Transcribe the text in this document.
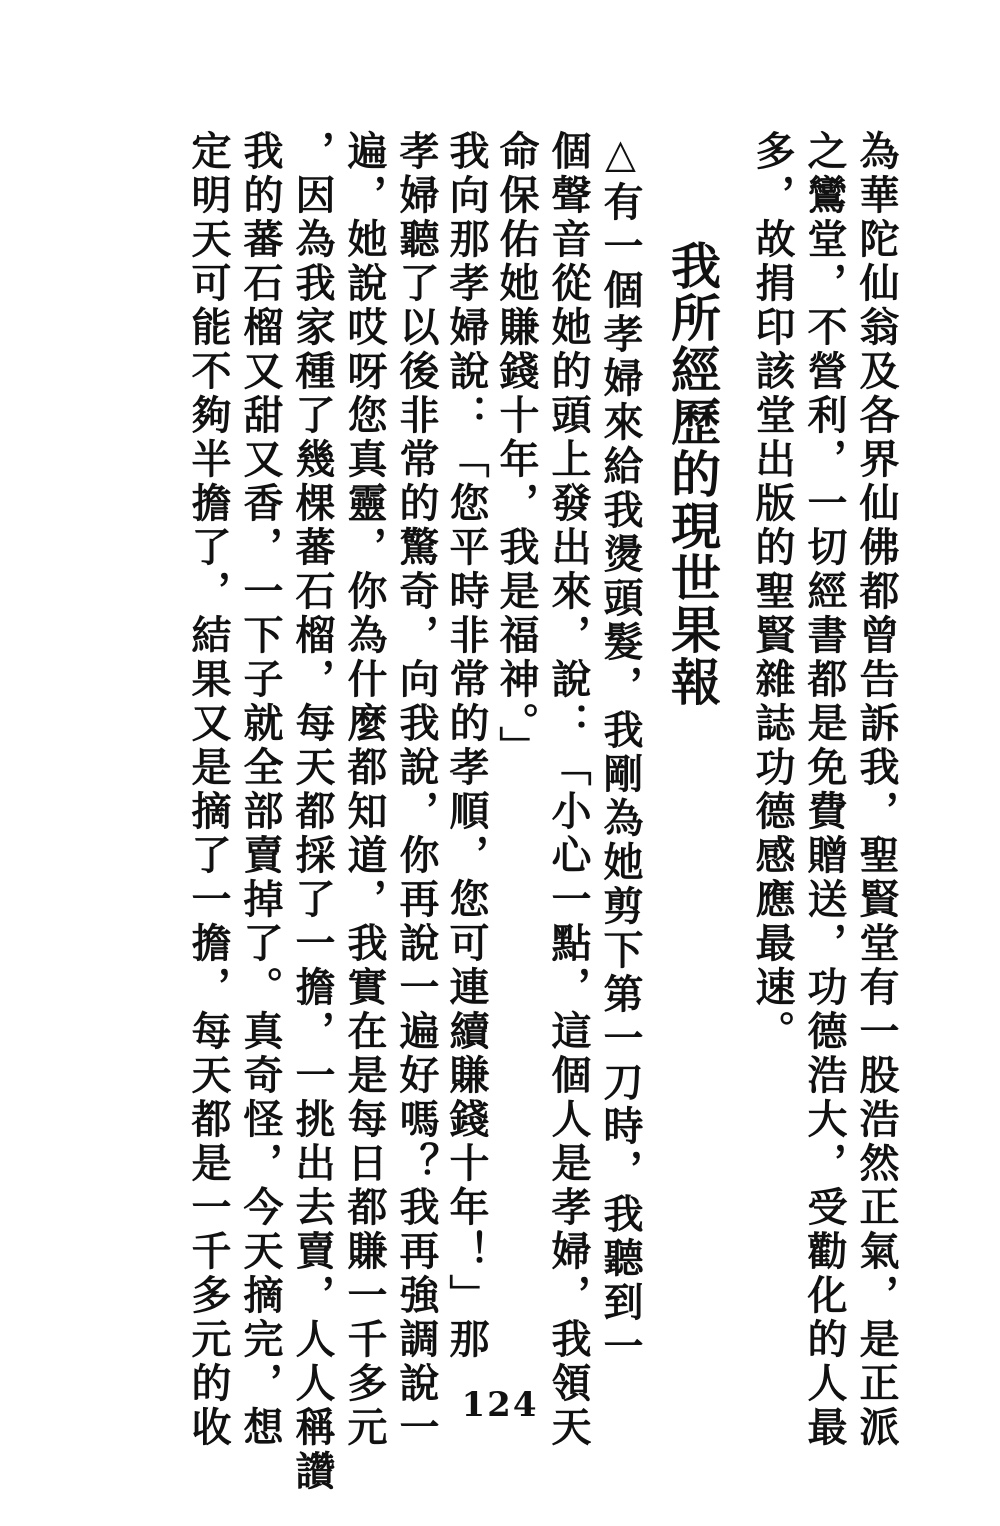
為華陀仙翁及各界仙佛都曾告訴我，聖賢堂有一股浩然正氣，是正派
之鸞堂，不營利，一切經書都是免費贈送，功德浩大，受勸化的人最
多，故捐印該堂出版的聖賢雜誌功德感應最速。
我所經歷的現世果報
△有一個孝婦來給我燙頭髮，我剛為她剪下第一刀時，我聽到一
個聲音從她的頭上發出來，說：「小心一點，這個人是孝婦，我領天
命保佑她賺錢十年，我是福神。」
我向那孝婦說：「您平時非常的孝順，您可連續賺錢十年！」那
孝婦聽了以後非常的驚奇，向我說，你再說一遍好嗎？我再強調說一
遍，她說哎呀您真靈，你為什麼都知道，我實在是每日都賺一千多元
，因為我家種了幾棵蕃石榴，每天都採了一擔，一挑出去賣，人人稱讚
我的蕃石榴又甜又香，一下子就全部賣掉了。真奇怪，今天摘完，想
定明天可能不夠半擔了，結果又是摘了一擔，每天都是一千多元的收	124
